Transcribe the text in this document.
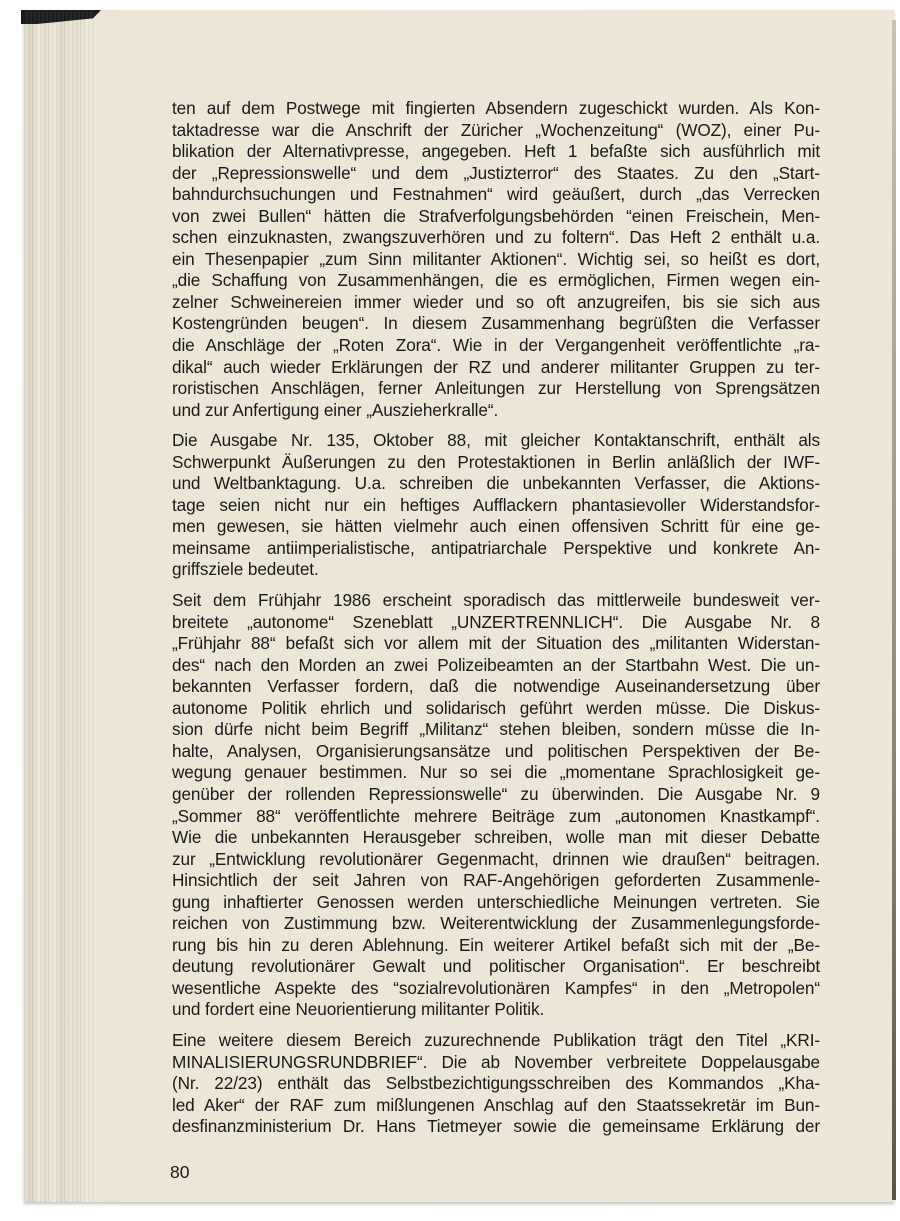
ten auf dem Postwege mit fingierten Absendern zugeschickt wurden. Als Kon-
taktadresse war die Anschrift der Züricher „Wochenzeitung“ (WOZ), einer Pu-
blikation der Alternativpresse, angegeben. Heft 1 befaßte sich ausführlich mit
der „Repressionswelle“ und dem „Justizterror“ des Staates. Zu den „Start-
bahndurchsuchungen und Festnahmen“ wird geäußert, durch „das Verrecken
von zwei Bullen“ hätten die Strafverfolgungsbehörden “einen Freischein, Men-
schen einzuknasten, zwangszuverhören und zu foltern“. Das Heft 2 enthält u.a.
ein Thesenpapier „zum Sinn militanter Aktionen“. Wichtig sei, so heißt es dort,
„die Schaffung von Zusammenhängen, die es ermöglichen, Firmen wegen ein-
zelner Schweinereien immer wieder und so oft anzugreifen, bis sie sich aus
Kostengründen beugen“. In diesem Zusammenhang begrüßten die Verfasser
die Anschläge der „Roten Zora“. Wie in der Vergangenheit veröffentlichte „ra-
dikal“ auch wieder Erklärungen der RZ und anderer militanter Gruppen zu ter-
roristischen Anschlägen, ferner Anleitungen zur Herstellung von Sprengsätzen
und zur Anfertigung einer „Auszieherkralle“.
Die Ausgabe Nr. 135, Oktober 88, mit gleicher Kontaktanschrift, enthält als
Schwerpunkt Äußerungen zu den Protestaktionen in Berlin anläßlich der IWF-
und Weltbanktagung. U.a. schreiben die unbekannten Verfasser, die Aktions-
tage seien nicht nur ein heftiges Aufflackern phantasievoller Widerstandsfor-
men gewesen, sie hätten vielmehr auch einen offensiven Schritt für eine ge-
meinsame antiimperialistische, antipatriarchale Perspektive und konkrete An-
griffsziele bedeutet.
Seit dem Frühjahr 1986 erscheint sporadisch das mittlerweile bundesweit ver-
breitete „autonome“ Szeneblatt „UNZERTRENNLICH“. Die Ausgabe Nr. 8
„Frühjahr 88“ befaßt sich vor allem mit der Situation des „militanten Widerstan-
des“ nach den Morden an zwei Polizeibeamten an der Startbahn West. Die un-
bekannten Verfasser fordern, daß die notwendige Auseinandersetzung über
autonome Politik ehrlich und solidarisch geführt werden müsse. Die Diskus-
sion dürfe nicht beim Begriff „Militanz“ stehen bleiben, sondern müsse die In-
halte, Analysen, Organisierungsansätze und politischen Perspektiven der Be-
wegung genauer bestimmen. Nur so sei die „momentane Sprachlosigkeit ge-
genüber der rollenden Repressionswelle“ zu überwinden. Die Ausgabe Nr. 9
„Sommer 88“ veröffentlichte mehrere Beiträge zum „autonomen Knastkampf“.
Wie die unbekannten Herausgeber schreiben, wolle man mit dieser Debatte
zur „Entwicklung revolutionärer Gegenmacht, drinnen wie draußen“ beitragen.
Hinsichtlich der seit Jahren von RAF-Angehörigen geforderten Zusammenle-
gung inhaftierter Genossen werden unterschiedliche Meinungen vertreten. Sie
reichen von Zustimmung bzw. Weiterentwicklung der Zusammenlegungsforde-
rung bis hin zu deren Ablehnung. Ein weiterer Artikel befaßt sich mit der „Be-
deutung revolutionärer Gewalt und politischer Organisation“. Er beschreibt
wesentliche Aspekte des “sozialrevolutionären Kampfes“ in den „Metropolen“
und fordert eine Neuorientierung militanter Politik.
Eine weitere diesem Bereich zuzurechnende Publikation trägt den Titel „KRI-
MINALISIERUNGSRUNDBRIEF“. Die ab November verbreitete Doppelausgabe
(Nr. 22/23) enthält das Selbstbezichtigungsschreiben des Kommandos „Kha-
led Aker“ der RAF zum mißlungenen Anschlag auf den Staatssekretär im Bun-
desfinanzministerium Dr. Hans Tietmeyer sowie die gemeinsame Erklärung der
80
